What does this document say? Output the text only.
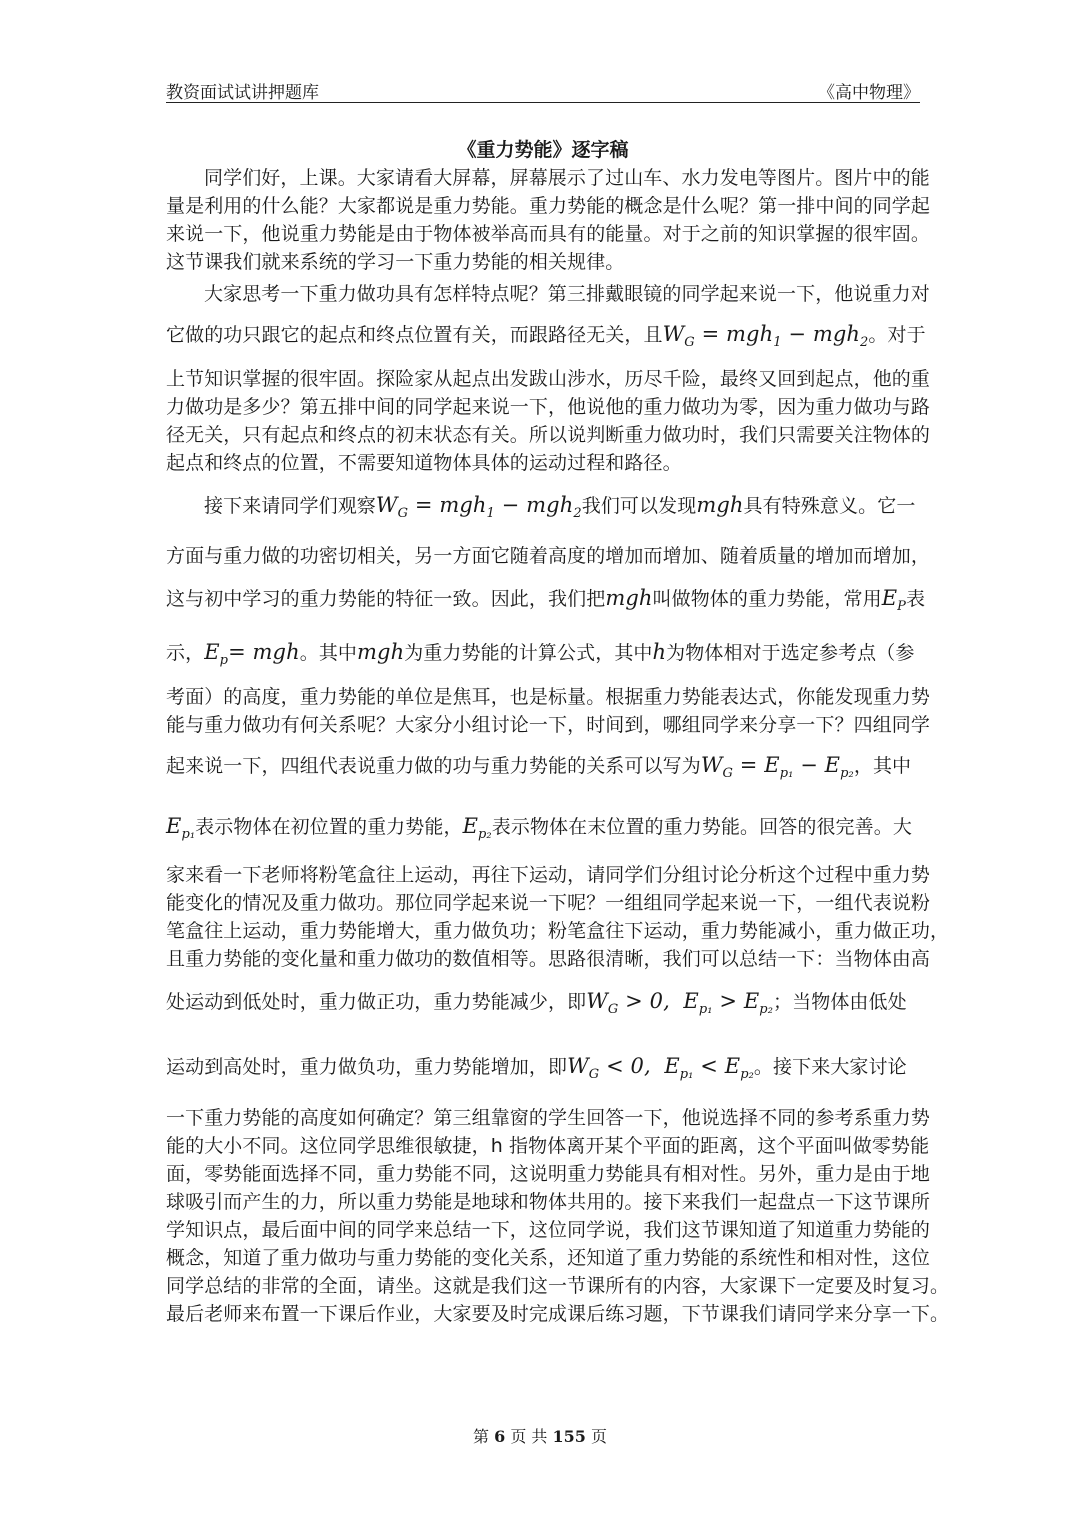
教资面试试讲押题库	《高中物理》
《重力势能》逐字稿

同学们好，上课。大家请看大屏幕，屏幕展示了过山车、水力发电等图片。图片中的能
量是利用的什么能？大家都说是重力势能。重力势能的概念是什么呢？第一排中间的同学起
来说一下，他说重力势能是由于物体被举高而具有的能量。对于之前的知识掌握的很牢固。
这节课我们就来系统的学习一下重力势能的相关规律。

大家思考一下重力做功具有怎样特点呢？第三排戴眼镜的同学起来说一下，他说重力对
它做的功只跟它的起点和终点位置有关，而跟路径无关，且$W_G = mgh_1 - mgh_2$。对于
上节知识掌握的很牢固。探险家从起点出发跋山涉水，历尽千险，最终又回到起点，他的重
力做功是多少？第五排中间的同学起来说一下，他说他的重力做功为零，因为重力做功与路
径无关，只有起点和终点的初末状态有关。所以说判断重力做功时，我们只需要关注物体的
起点和终点的位置，不需要知道物体具体的运动过程和路径。

接下来请同学们观察$W_G = mgh_1 - mgh_2$我们可以发现mgh具有特殊意义。它一
方面与重力做的功密切相关，另一方面它随着高度的增加而增加、随着质量的增加而增加，
这与初中学习的重力势能的特征一致。因此，我们把mgh叫做物体的重力势能，常用$E_P$表
示，$E_p=$ mgh。其中mgh为重力势能的计算公式，其中h为物体相对于选定参考点（参
考面）的高度，重力势能的单位是焦耳，也是标量。根据重力势能表达式，你能发现重力势
能与重力做功有何关系呢？大家分小组讨论一下，时间到，哪组同学来分享一下？四组同学
起来说一下，四组代表说重力做的功与重力势能的关系可以写为$W_G = E_{p_1} - E_{p_2}$，其中
$E_{p_1}$表示物体在初位置的重力势能，$E_{p_2}$表示物体在末位置的重力势能。回答的很完善。大
家来看一下老师将粉笔盒往上运动，再往下运动，请同学们分组讨论分析这个过程中重力势
能变化的情况及重力做功。那位同学起来说一下呢？一组组同学起来说一下，一组代表说粉
笔盒往上运动，重力势能增大，重力做负功；粉笔盒往下运动，重力势能减小，重力做正功，
且重力势能的变化量和重力做功的数值相等。思路很清晰，我们可以总结一下：当物体由高
处运动到低处时，重力做正功，重力势能减少，即$W_G > 0$,  $E_{p_1} > E_{p_2}$；当物体由低处
运动到高处时，重力做负功，重力势能增加，即$W_G < 0$,  $E_{p_1} < E_{p_2}$。接下来大家讨论
一下重力势能的高度如何确定？第三组靠窗的学生回答一下，他说选择不同的参考系重力势
能的大小不同。这位同学思维很敏捷，h 指物体离开某个平面的距离，这个平面叫做零势能
面，零势能面选择不同，重力势能不同，这说明重力势能具有相对性。另外，重力是由于地
球吸引而产生的力，所以重力势能是地球和物体共用的。接下来我们一起盘点一下这节课所
学知识点，最后面中间的同学来总结一下，这位同学说，我们这节课知道了知道重力势能的
概念，知道了重力做功与重力势能的变化关系，还知道了重力势能的系统性和相对性，这位
同学总结的非常的全面，请坐。这就是我们这一节课所有的内容，大家课下一定要及时复习。
最后老师来布置一下课后作业，大家要及时完成课后练习题，下节课我们请同学来分享一下。

第 6 页 共 155 页
